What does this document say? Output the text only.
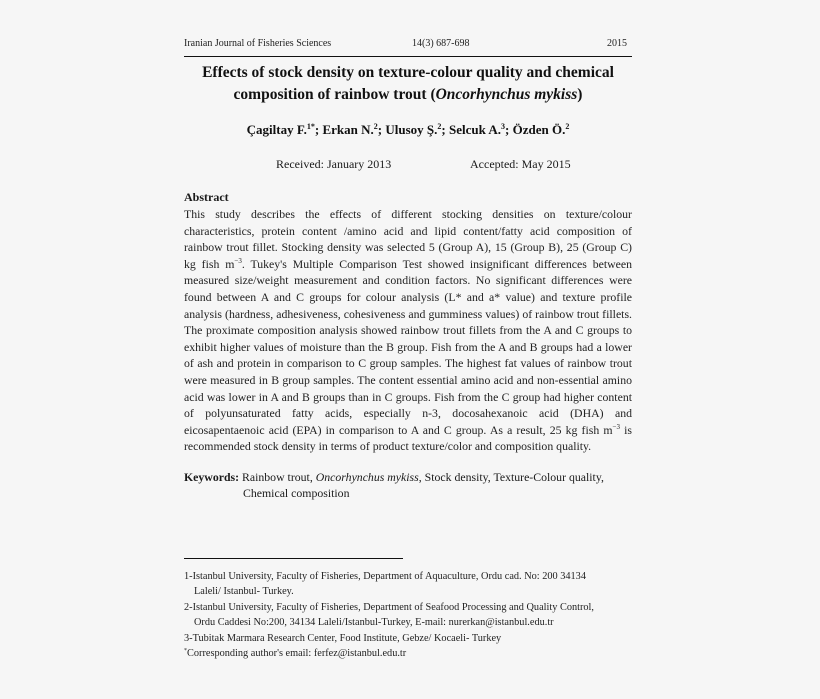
Iranian Journal of Fisheries Sciences	14(3) 687-698	2015
Effects of stock density on texture-colour quality and chemical
composition of rainbow trout (Oncorhynchus mykiss)
Çagiltay F.$^{1*}$; Erkan N.$^2$; Ulusoy Ş.$^2$; Selcuk A.$^3$; Özden Ö.$^2$
Received: January 2013	Accepted: May 2015
Abstract
This study describes the effects of different stocking densities on texture/colour characteristics, protein content /amino acid and lipid content/fatty acid composition of rainbow trout fillet. Stocking density was selected 5 (Group A), 15 (Group B), 25 (Group C) kg fish $m^{-3}$. Tukey's Multiple Comparison Test showed insignificant differences between measured size/weight measurement and condition factors. No significant differences were found between A and C groups for colour analysis (L* and a* value) and texture profile analysis (hardness, adhesiveness, cohesiveness and gumminess values) of rainbow trout fillets. The proximate composition analysis showed rainbow trout fillets from the A and C groups to exhibit higher values of moisture than the B group. Fish from the A and B groups had a lower of ash and protein in comparison to C group samples. The highest fat values of rainbow trout were measured in B group samples. The content essential amino acid and non-essential amino acid was lower in A and B groups than in C groups. Fish from the C group had higher content of polyunsaturated fatty acids, especially n-3, docosahexanoic acid (DHA) and eicosapentaenoic acid (EPA) in comparison to A and C group. As a result, 25 kg fish $m^{-3}$ is recommended stock density in terms of product texture/color and composition quality.
Keywords: Rainbow trout, Oncorhynchus mykiss, Stock density, Texture-Colour quality,
Chemical composition
1-Istanbul University, Faculty of Fisheries, Department of Aquaculture, Ordu cad. No: 200 34134
Laleli/ Istanbul- Turkey.
2-Istanbul University, Faculty of Fisheries, Department of Seafood Processing and Quality Control,
Ordu Caddesi No:200, 34134 Laleli/Istanbul-Turkey, E-mail: nurerkan@istanbul.edu.tr
3-Tubitak Marmara Research Center, Food Institute, Gebze/ Kocaeli- Turkey
*Corresponding author's email: ferfez@istanbul.edu.tr
